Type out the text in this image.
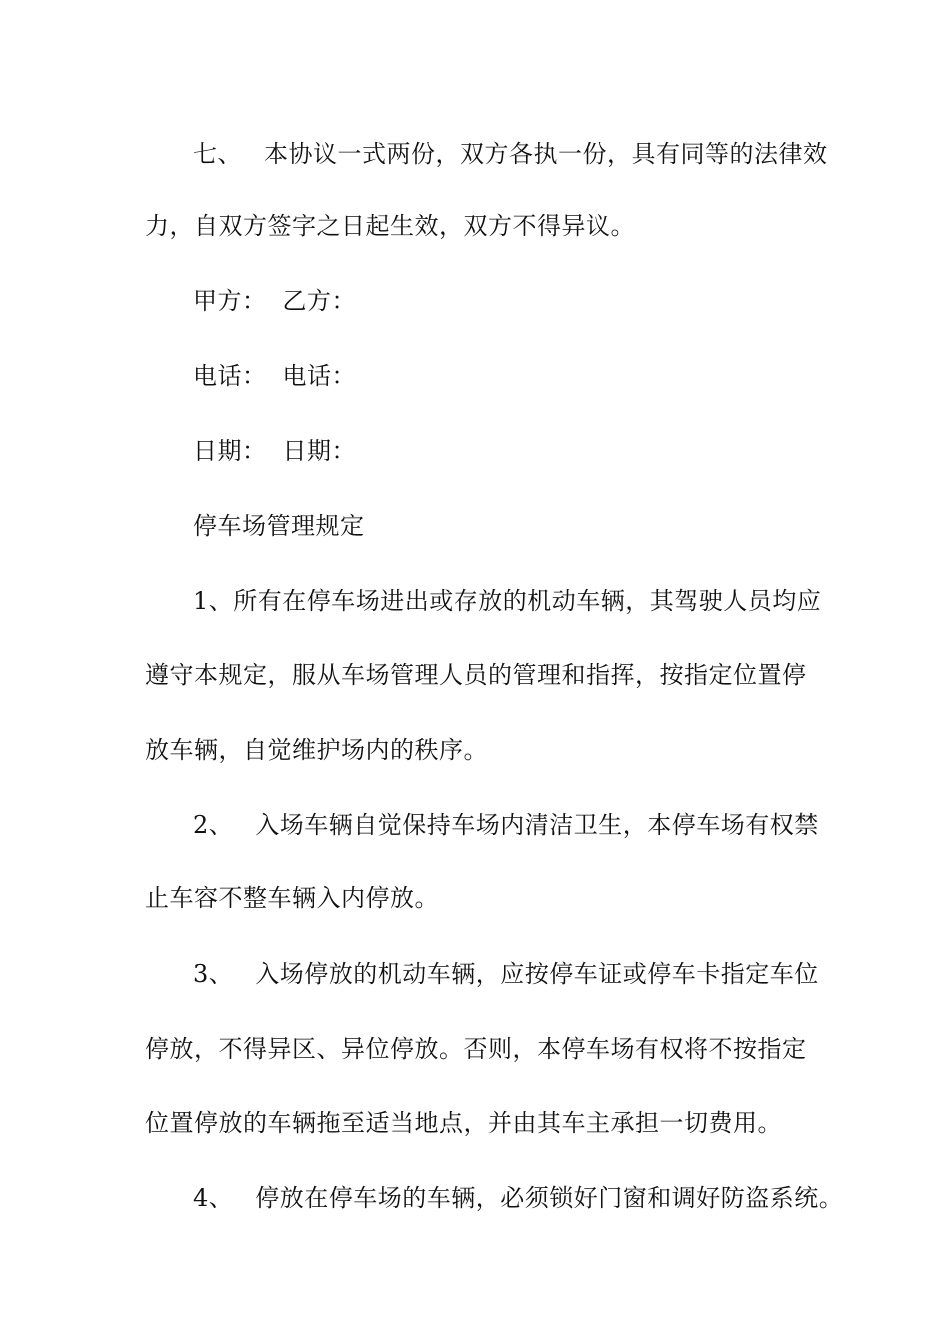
七、 本协议一式两份，双方各执一份，具有同等的法律效
力，自双方签字之日起生效，双方不得异议。
甲方： 乙方：
电话： 电话：
日期： 日期：
停车场管理规定
1、所有在停车场进出或存放的机动车辆，其驾驶人员均应
遵守本规定，服从车场管理人员的管理和指挥，按指定位置停
放车辆，自觉维护场内的秩序。
2、 入场车辆自觉保持车场内清洁卫生，本停车场有权禁
止车容不整车辆入内停放。
3、 入场停放的机动车辆，应按停车证或停车卡指定车位
停放，不得异区、异位停放。否则，本停车场有权将不按指定
位置停放的车辆拖至适当地点，并由其车主承担一切费用。
4、 停放在停车场的车辆，必须锁好门窗和调好防盗系统。
